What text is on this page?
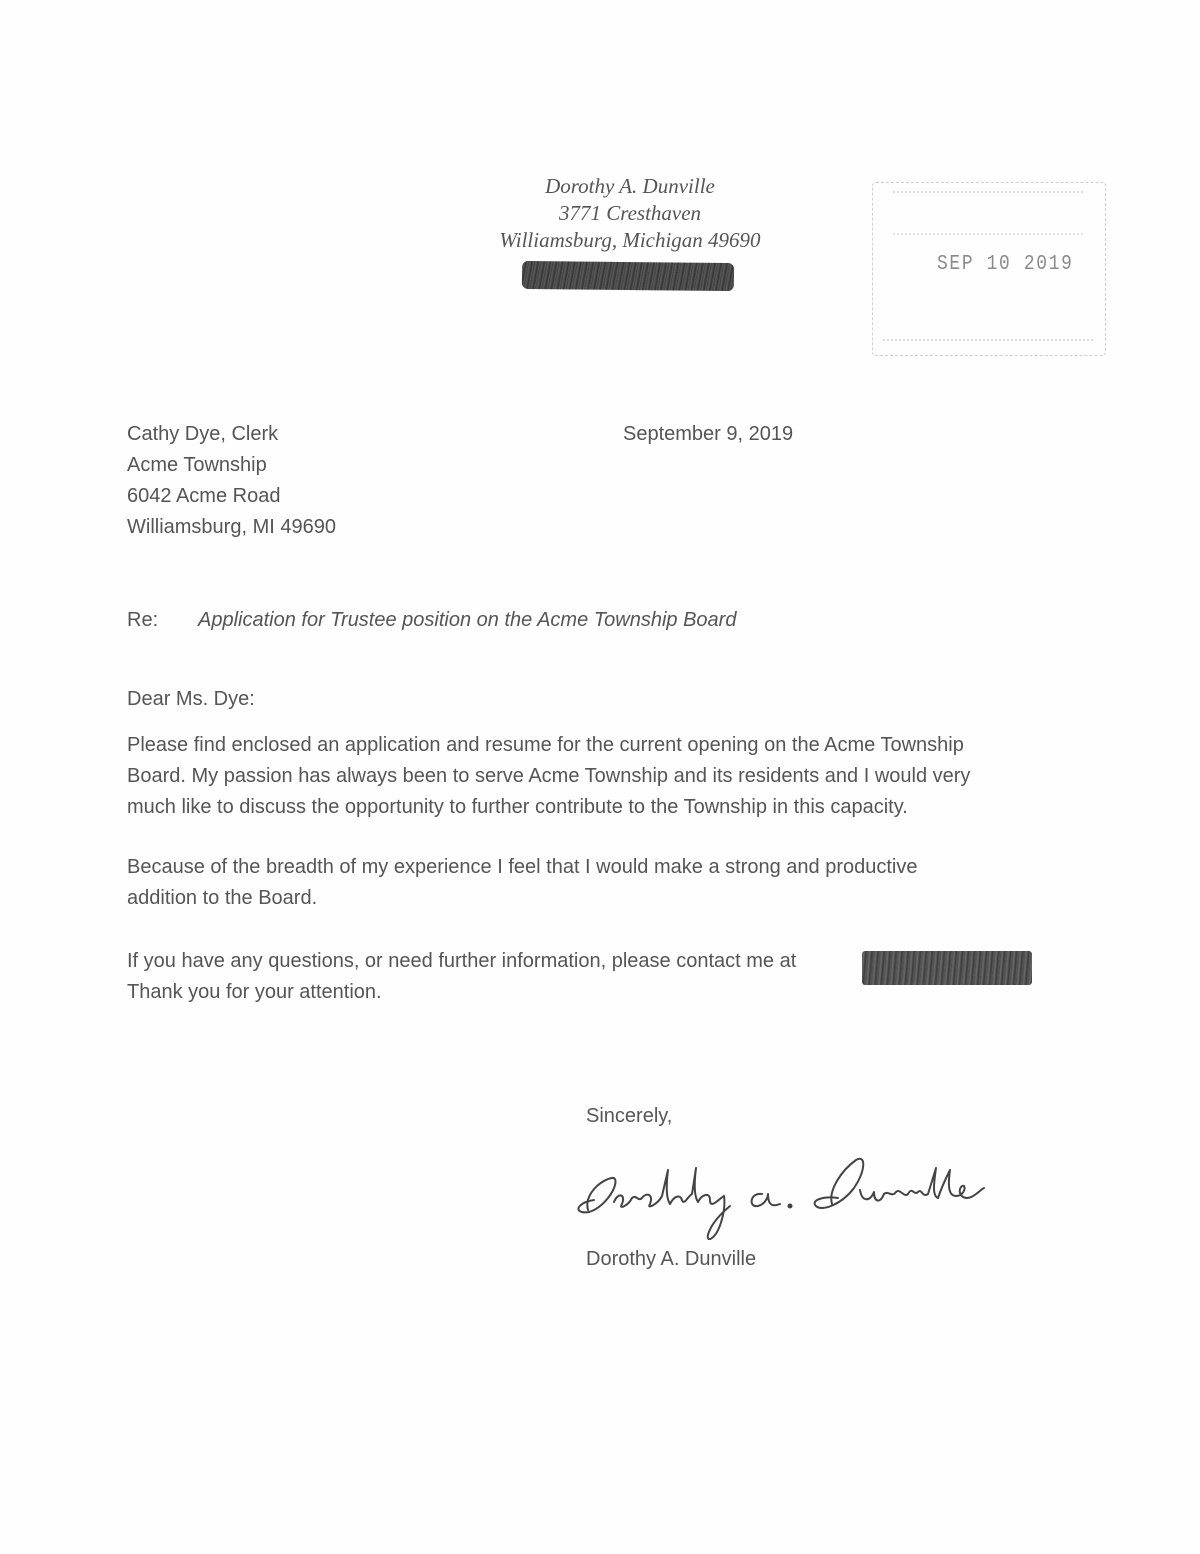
Dorothy A. Dunville
3771 Cresthaven
Williamsburg, Michigan 49690
SEP 10 2019
Cathy Dye, Clerk
Acme Township
6042 Acme Road
Williamsburg, MI 49690
September 9, 2019
Re: Application for Trustee position on the Acme Township Board
Dear Ms. Dye:
Please find enclosed an application and resume for the current opening on the Acme Township
Board. My passion has always been to serve Acme Township and its residents and I would very
much like to discuss the opportunity to further contribute to the Township in this capacity.
Because of the breadth of my experience I feel that I would make a strong and productive
addition to the Board.
If you have any questions, or need further information, please contact me at
Thank you for your attention.
Sincerely,
Dorothy A. Dunville
